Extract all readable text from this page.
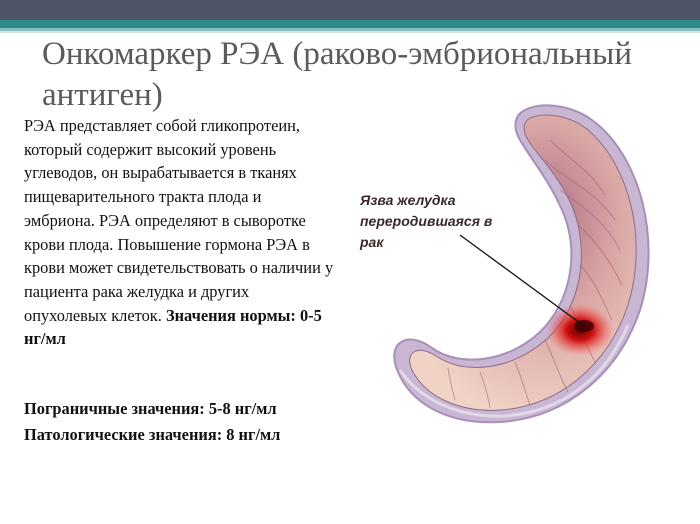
Онкомаркер РЭА (раково-эмбриональный антиген)
РЭА представляет собой гликопротеин, который содержит высокий уровень углеводов, он вырабатывается в тканях пищеварительного тракта плода и эмбриона. РЭА определяют в сыворотке крови плода. Повышение гормона РЭА в крови может свидетельствовать о наличии у пациента рака желудка и других опухолевых клеток. Значения нормы: 0-5 нг/мл
Пограничные значения: 5-8 нг/мл
Патологические значения: 8 нг/мл
Язва желудка переродившаяся в рак
